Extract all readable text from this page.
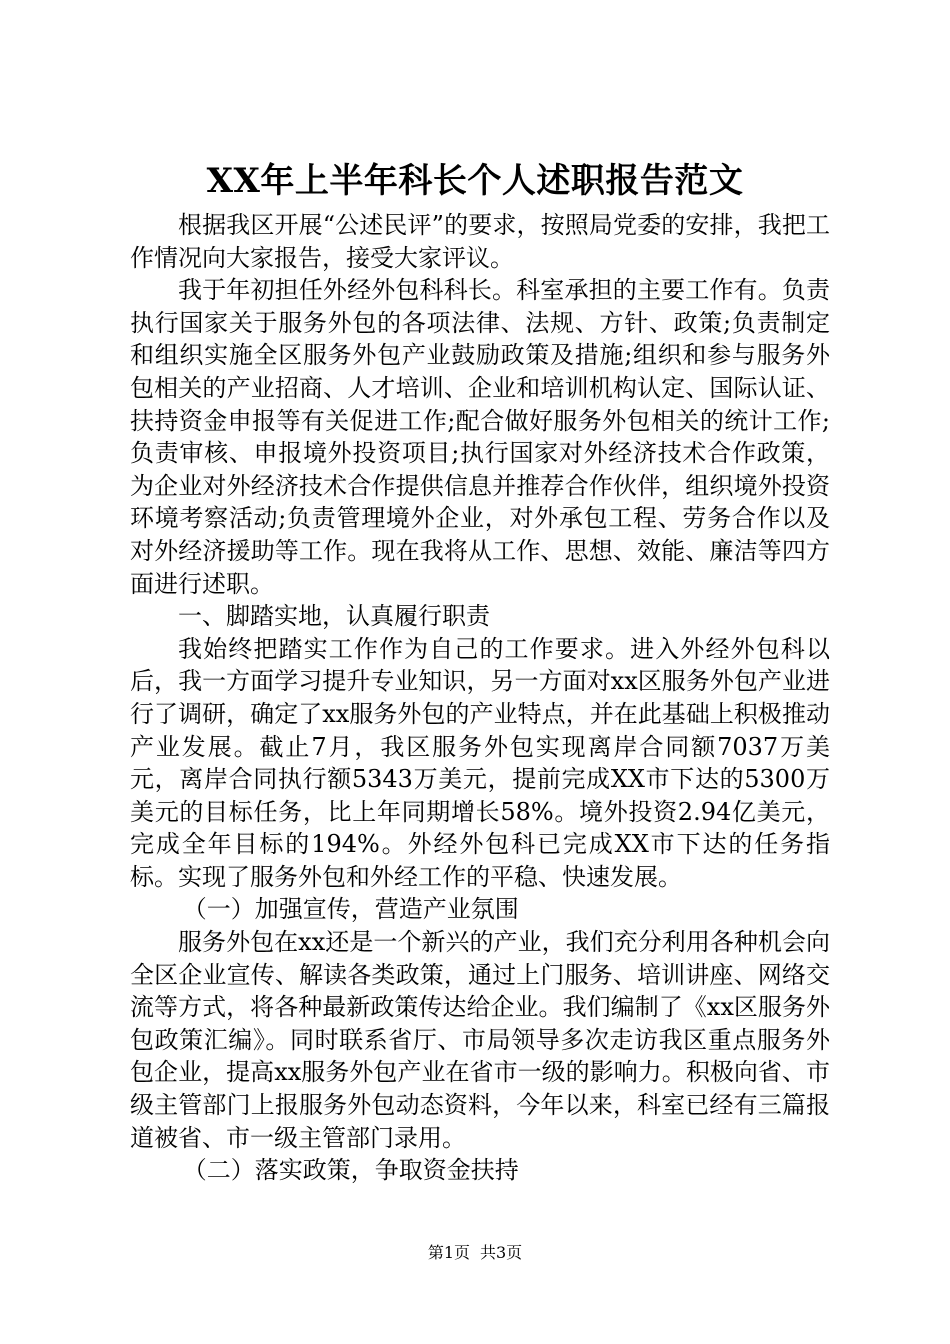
XX年上半年科长个人述职报告范文

根据我区开展“公述民评”的要求，按照局党委的安排，我把工作情况向大家报告，接受大家评议。

我于年初担任外经外包科科长。科室承担的主要工作有。负责执行国家关于服务外包的各项法律、法规、方针、政策;负责制定和组织实施全区服务外包产业鼓励政策及措施;组织和参与服务外包相关的产业招商、人才培训、企业和培训机构认定、国际认证、扶持资金申报等有关促进工作;配合做好服务外包相关的统计工作;负责审核、申报境外投资项目;执行国家对外经济技术合作政策，为企业对外经济技术合作提供信息并推荐合作伙伴，组织境外投资环境考察活动;负责管理境外企业，对外承包工程、劳务合作以及对外经济援助等工作。现在我将从工作、思想、效能、廉洁等四方面进行述职。

一、脚踏实地，认真履行职责

我始终把踏实工作作为自己的工作要求。进入外经外包科以后，我一方面学习提升专业知识，另一方面对xx区服务外包产业进行了调研，确定了xx服务外包的产业特点，并在此基础上积极推动产业发展。截止7月，我区服务外包实现离岸合同额7037万美元，离岸合同执行额5343万美元，提前完成XX市下达的5300万美元的目标任务，比上年同期增长58%。境外投资2.94亿美元，完成全年目标的194%。外经外包科已完成XX市下达的任务指标。实现了服务外包和外经工作的平稳、快速发展。

（一）加强宣传，营造产业氛围

服务外包在xx还是一个新兴的产业，我们充分利用各种机会向全区企业宣传、解读各类政策，通过上门服务、培训讲座、网络交流等方式，将各种最新政策传达给企业。我们编制了《xx区服务外包政策汇编》。同时联系省厅、市局领导多次走访我区重点服务外包企业，提高xx服务外包产业在省市一级的影响力。积极向省、市级主管部门上报服务外包动态资料，今年以来，科室已经有三篇报道被省、市一级主管部门录用。

（二）落实政策，争取资金扶持

第1页 共3页
